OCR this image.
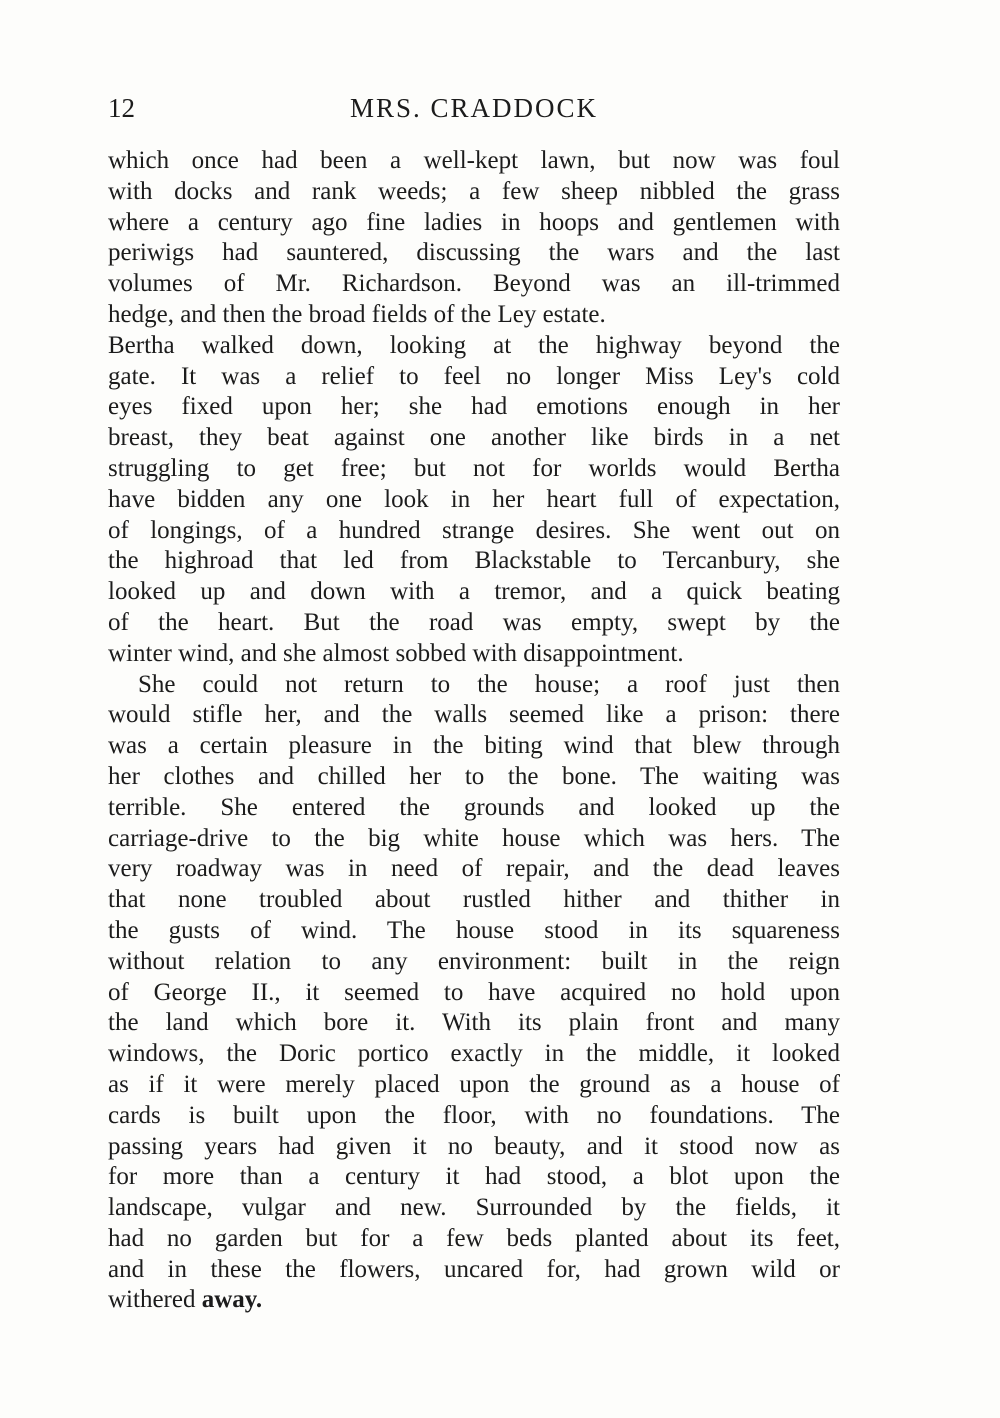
12	MRS. CRADDOCK
which once had been a well-kept lawn, but now was foul
with docks and rank weeds; a few sheep nibbled the grass
where a century ago fine ladies in hoops and gentlemen with
periwigs had sauntered, discussing the wars and the last
volumes of Mr. Richardson. Beyond was an ill-trimmed
hedge, and then the broad fields of the Ley estate.
Bertha walked down, looking at the highway beyond the
gate. It was a relief to feel no longer Miss Ley's cold
eyes fixed upon her; she had emotions enough in her
breast, they beat against one another like birds in a net
struggling to get free; but not for worlds would Bertha
have bidden any one look in her heart full of expectation,
of longings, of a hundred strange desires. She went out on
the highroad that led from Blackstable to Tercanbury, she
looked up and down with a tremor, and a quick beating
of the heart. But the road was empty, swept by the
winter wind, and she almost sobbed with disappointment.
She could not return to the house; a roof just then
would stifle her, and the walls seemed like a prison: there
was a certain pleasure in the biting wind that blew through
her clothes and chilled her to the bone. The waiting was
terrible. She entered the grounds and looked up the
carriage-drive to the big white house which was hers. The
very roadway was in need of repair, and the dead leaves
that none troubled about rustled hither and thither in
the gusts of wind. The house stood in its squareness
without relation to any environment: built in the reign
of George II., it seemed to have acquired no hold upon
the land which bore it. With its plain front and many
windows, the Doric portico exactly in the middle, it looked
as if it were merely placed upon the ground as a house of
cards is built upon the floor, with no foundations. The
passing years had given it no beauty, and it stood now as
for more than a century it had stood, a blot upon the
landscape, vulgar and new. Surrounded by the fields, it
had no garden but for a few beds planted about its feet,
and in these the flowers, uncared for, had grown wild or
withered away.
